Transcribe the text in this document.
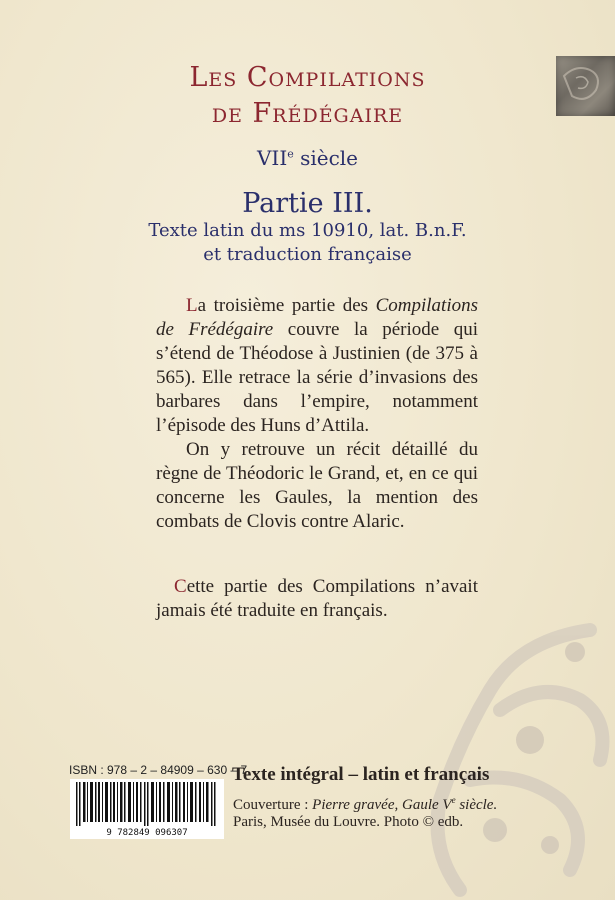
Les Compilations
de Frédégaire
VIIe siècle
Partie III.
Texte latin du ms 10910, lat. B.n.F.
et traduction française

La troisième partie des Compilations de Frédégaire couvre la période qui s’étend de Théodose à Justinien (de 375 à 565). Elle retrace la série d’invasions des barbares dans l’empire, notamment l’épisode des Huns d’Attila.

On y retrouve un récit détaillé du règne de Théodoric le Grand, et, en ce qui concerne les Gaules, la mention des combats de Clovis contre Alaric.

Cette partie des Compilations n’avait jamais été traduite en français.

ISBN : 978 – 2 – 84909 – 630 – 7
9 782849 096307
Texte intégral – latin et français
Couverture : Pierre gravée, Gaule Ve siècle.
Paris, Musée du Louvre. Photo © edb.
